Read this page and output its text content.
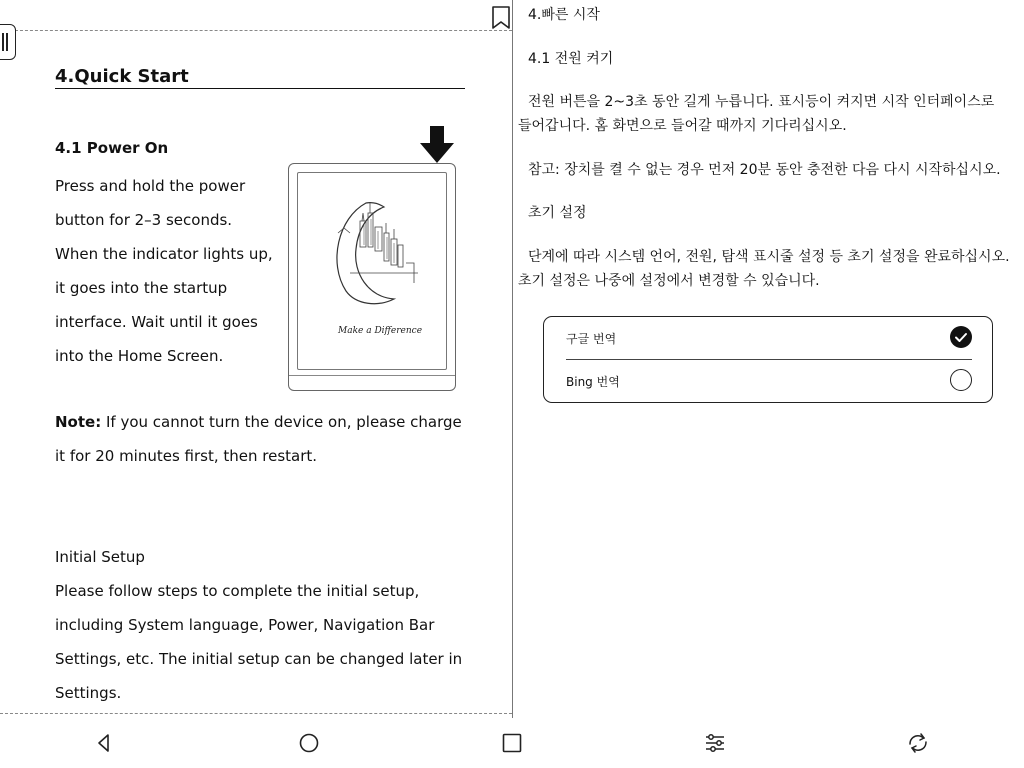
4.Quick Start
4.1 Power On
Press and hold the power button for 2–3 seconds. When the indicator lights up, it goes into the startup interface. Wait until it goes into the Home Screen.
Note: If you cannot turn the device on, please charge it for 20 minutes first, then restart.
Initial Setup
Please follow steps to complete the initial setup, including System language, Power, Navigation Bar Settings, etc. The initial setup can be changed later in Settings.
Make a Difference

4.빠른 시작

4.1 전원 켜기

전원 버튼을 2~3초 동안 길게 누릅니다. 표시등이 켜지면 시작 인터페이스로 들어갑니다. 홈 화면으로 들어갈 때까지 기다리십시오.

참고: 장치를 켤 수 없는 경우 먼저 20분 동안 충전한 다음 다시 시작하십시오.

초기 설정

단계에 따라 시스템 언어, 전원, 탐색 표시줄 설정 등 초기 설정을 완료하십시오. 초기 설정은 나중에 설정에서 변경할 수 있습니다.

구글 번역
Bing 번역
